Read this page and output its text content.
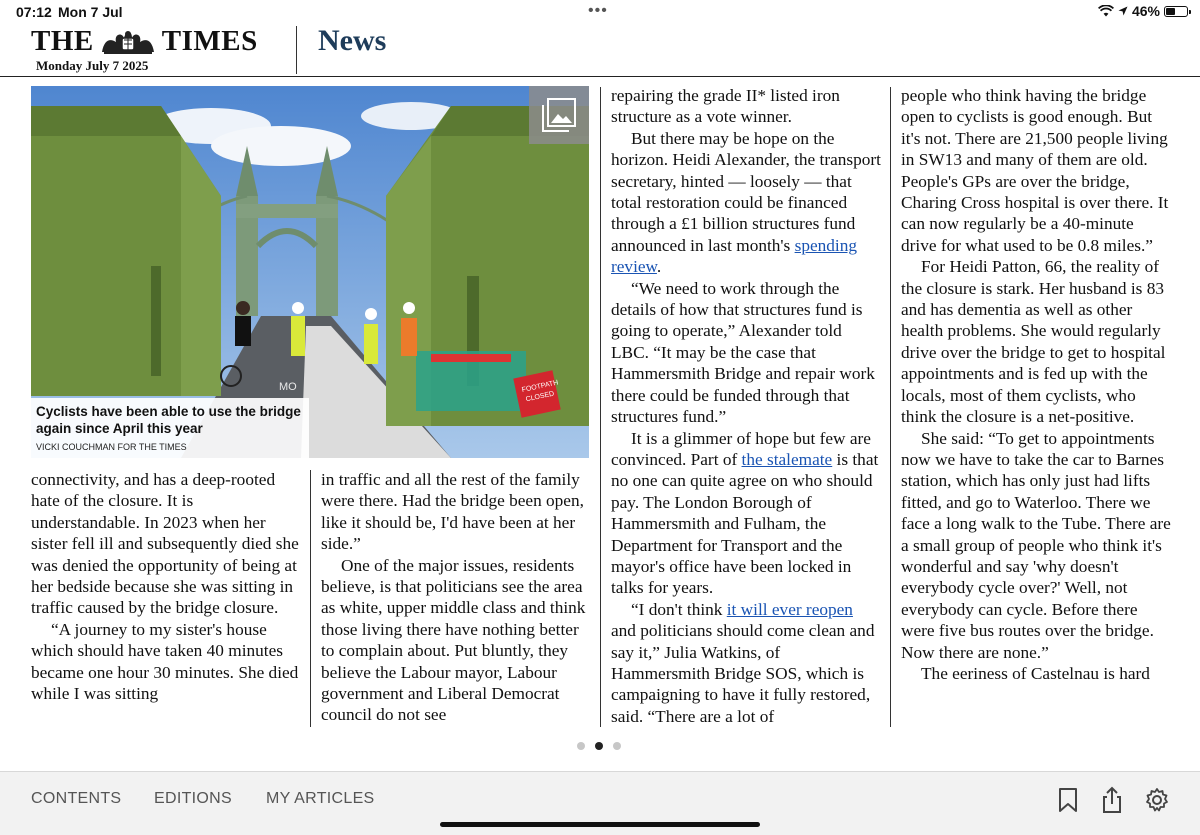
07:12 Mon 7 Jul	•••	46%
THE TIMES
Monday July 7 2025
News
MO	FOOTPATH
CLOSED
Cyclists have been able to use the bridge again since April this year
VICKI COUCHMAN FOR THE TIMES

connectivity, and has a deep-rooted hate of the closure. It is understandable. In 2023 when her sister fell ill and subsequently died she was denied the opportunity of being at her bedside because she was sitting in traffic caused by the bridge closure.

“A journey to my sister's house which should have taken 40 minutes became one hour 30 minutes. She died while I was sitting

in traffic and all the rest of the family were there. Had the bridge been open, like it should be, I'd have been at her side.”

One of the major issues, residents believe, is that politicians see the area as white, upper middle class and think those living there have nothing better to complain about. Put bluntly, they believe the Labour mayor, Labour government and Liberal Democrat council do not see

repairing the grade II* listed iron structure as a vote winner.

But there may be hope on the horizon. Heidi Alexander, the transport secretary, hinted — loosely — that total restoration could be financed through a £1 billion structures fund announced in last month's spending review.

“We need to work through the details of how that structures fund is going to operate,” Alexander told LBC. “It may be the case that Hammersmith Bridge and repair work there could be funded through that structures fund.”

It is a glimmer of hope but few are convinced. Part of the stalemate is that no one can quite agree on who should pay. The London Borough of Hammersmith and Fulham, the Department for Transport and the mayor's office have been locked in talks for years.

“I don't think it will ever reopen and politicians should come clean and say it,” Julia Watkins, of Hammersmith Bridge SOS, which is campaigning to have it fully restored, said. “There are a lot of

people who think having the bridge open to cyclists is good enough. But it's not. There are 21,500 people living in SW13 and many of them are old. People's GPs are over the bridge, Charing Cross hospital is over there. It can now regularly be a 40-minute drive for what used to be 0.8 miles.”

For Heidi Patton, 66, the reality of the closure is stark. Her husband is 83 and has dementia as well as other health problems. She would regularly drive over the bridge to get to hospital appointments and is fed up with the locals, most of them cyclists, who think the closure is a net-positive.

She said: “To get to appointments now we have to take the car to Barnes station, which has only just had lifts fitted, and go to Waterloo. There we face a long walk to the Tube. There are a small group of people who think it's wonderful and say 'why doesn't everybody cycle over?' Well, not everybody can cycle. Before there were five bus routes over the bridge. Now there are none.”

The eeriness of Castelnau is hard

CONTENTS EDITIONS MY ARTICLES
